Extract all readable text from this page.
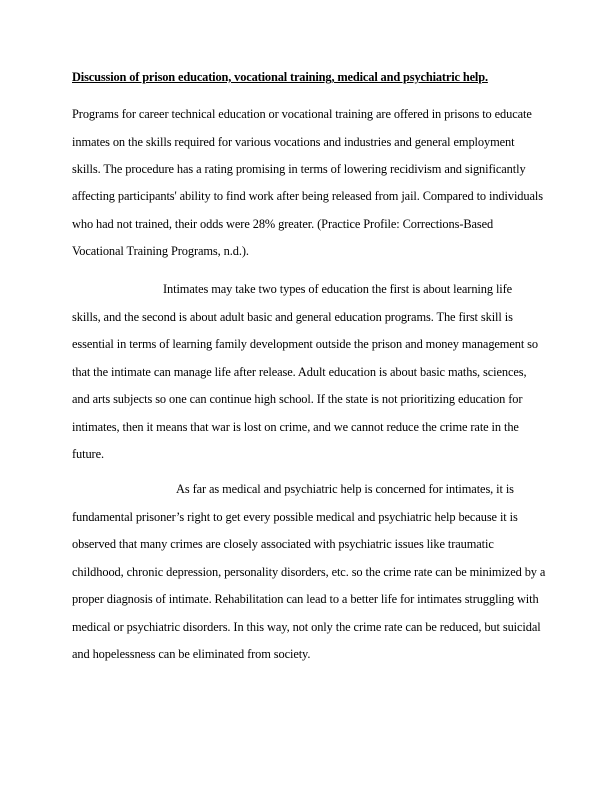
Discussion of prison education, vocational training, medical and psychiatric help.
Programs for career technical education or vocational training are offered in prisons to educate
inmates on the skills required for various vocations and industries and general employment
skills. The procedure has a rating promising in terms of lowering recidivism and significantly
affecting participants' ability to find work after being released from jail. Compared to individuals
who had not trained, their odds were 28% greater. (Practice Profile: Corrections-Based
Vocational Training Programs, n.d.).
Intimates may take two types of education the first is about learning life
skills, and the second is about adult basic and general education programs. The first skill is
essential in terms of learning family development outside the prison and money management so
that the intimate can manage life after release. Adult education is about basic maths, sciences,
and arts subjects so one can continue high school. If the state is not prioritizing education for
intimates, then it means that war is lost on crime, and we cannot reduce the crime rate in the
future.
As far as medical and psychiatric help is concerned for intimates, it is
fundamental prisoner’s right to get every possible medical and psychiatric help because it is
observed that many crimes are closely associated with psychiatric issues like traumatic
childhood, chronic depression, personality disorders, etc. so the crime rate can be minimized by a
proper diagnosis of intimate. Rehabilitation can lead to a better life for intimates struggling with
medical or psychiatric disorders. In this way, not only the crime rate can be reduced, but suicidal
and hopelessness can be eliminated from society.
